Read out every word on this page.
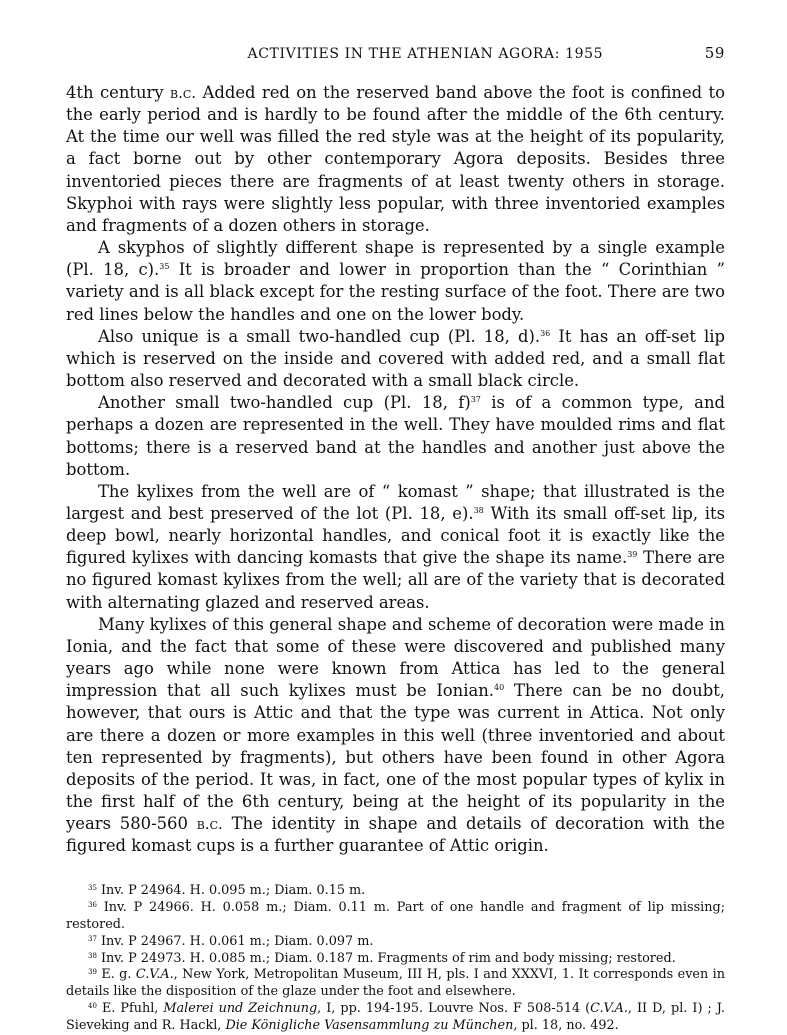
ACTIVITIES IN THE ATHENIAN AGORA: 1955	59

4th century b.c. Added red on the reserved band above the foot is confined to the early period and is hardly to be found after the middle of the 6th century. At the time our well was filled the red style was at the height of its popularity, a fact borne out by other contemporary Agora deposits. Besides three inventoried pieces there are fragments of at least twenty others in storage. Skyphoi with rays were slightly less popular, with three inventoried examples and fragments of a dozen others in storage.

A skyphos of slightly different shape is represented by a single example (Pl. 18, c).$^{35}$ It is broader and lower in proportion than the “ Corinthian ” variety and is all black except for the resting surface of the foot. There are two red lines below the handles and one on the lower body.

Also unique is a small two-handled cup (Pl. 18, d).$^{36}$ It has an off-set lip which is reserved on the inside and covered with added red, and a small flat bottom also reserved and decorated with a small black circle.

Another small two-handled cup (Pl. 18, f)$^{37}$ is of a common type, and perhaps a dozen are represented in the well. They have moulded rims and flat bottoms; there is a reserved band at the handles and another just above the bottom.

The kylixes from the well are of “ komast ” shape; that illustrated is the largest and best preserved of the lot (Pl. 18, e).$^{38}$ With its small off-set lip, its deep bowl, nearly horizontal handles, and conical foot it is exactly like the figured kylixes with dancing komasts that give the shape its name.$^{39}$ There are no figured komast kylixes from the well; all are of the variety that is decorated with alternating glazed and reserved areas.

Many kylixes of this general shape and scheme of decoration were made in Ionia, and the fact that some of these were discovered and published many years ago while none were known from Attica has led to the general impression that all such kylixes must be Ionian.$^{40}$ There can be no doubt, however, that ours is Attic and that the type was current in Attica. Not only are there a dozen or more examples in this well (three inventoried and about ten represented by fragments), but others have been found in other Agora deposits of the period. It was, in fact, one of the most popular types of kylix in the first half of the 6th century, being at the height of its popularity in the years 580-560 b.c. The identity in shape and details of decoration with the figured komast cups is a further guarantee of Attic origin.

$^{35}$ Inv. P 24964. H. 0.095 m.; Diam. 0.15 m.

$^{36}$ Inv. P 24966. H. 0.058 m.; Diam. 0.11 m. Part of one handle and fragment of lip missing; restored.

$^{37}$ Inv. P 24967. H. 0.061 m.; Diam. 0.097 m.

$^{38}$ Inv. P 24973. H. 0.085 m.; Diam. 0.187 m. Fragments of rim and body missing; restored.

$^{39}$ E. g. C.V.A., New York, Metropolitan Museum, III H, pls. I and XXXVI, 1. It corresponds even in details like the disposition of the glaze under the foot and elsewhere.

$^{40}$ E. Pfuhl, Malerei und Zeichnung, I, pp. 194-195. Louvre Nos. F 508-514 (C.V.A., II D, pl. I) ; J. Sieveking and R. Hackl, Die Königliche Vasensammlung zu München, pl. 18, no. 492.
